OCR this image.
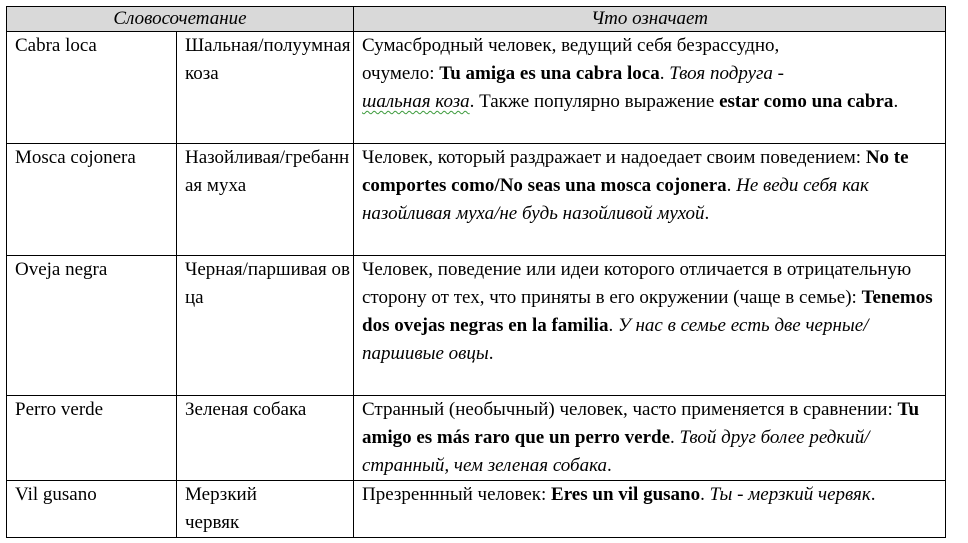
Словосочетание		Что означает
Cabra loca	Шальная/полуумная коза	Сумасбродный человек, ведущий себя безрассудно,
очумело: Tu amiga es una cabra loca. Твоя подруга -
шальная коза. Также популярно выражение estar como una cabra.
Mosca cojonera	Назойливая/гребанная муха	Человек, который раздражает и надоедает своим поведением: No te comportes como/No seas una mosca cojonera. Не веди себя как назойливая муха/не будь назойливой мухой.
Oveja negra	Черная/паршивая овца	Человек, поведение или идеи которого отличается в отрицательную сторону от тех, что приняты в его окружении (чаще в семье): Tenemos dos ovejas negras en la familia. У нас в семье есть две черные/паршивые овцы.
Perro verde	Зеленая собака	Странный (необычный) человек, часто применяется в сравнении: Tu amigo es más raro que un perro verde. Твой друг более редкий/странный, чем зеленая собака.
Vil gusano	Мерзкий червяк	Презреннный человек: Eres un vil gusano. Ты - мерзкий червяк.
